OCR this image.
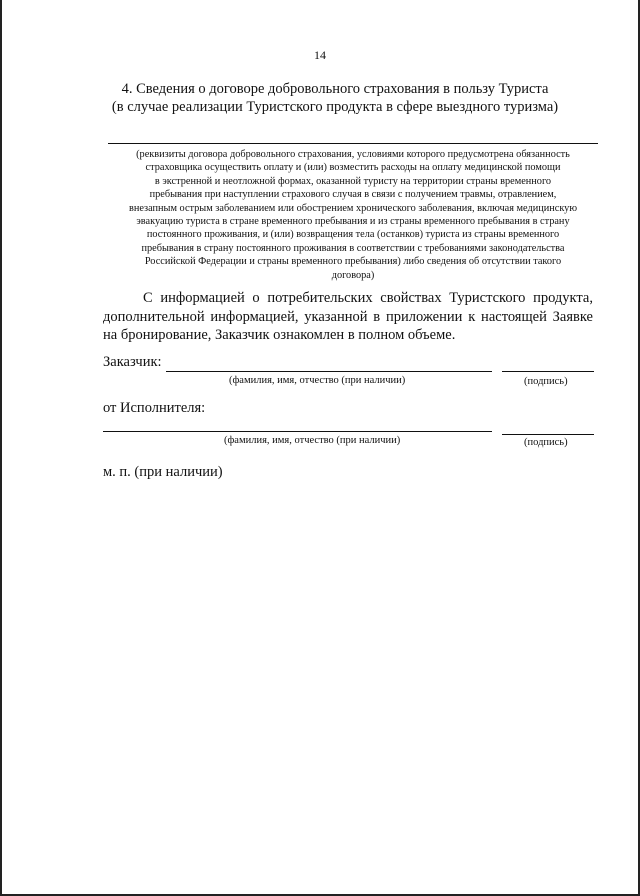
14
4. Сведения о договоре добровольного страхования в пользу Туриста
(в случае реализации Туристского продукта в сфере выездного туризма)
(реквизиты договора добровольного страхования, условиями которого предусмотрена обязанность
страховщика осуществить оплату и (или) возместить расходы на оплату медицинской помощи
в экстренной и неотложной формах, оказанной туристу на территории страны временного
пребывания при наступлении страхового случая в связи с получением травмы, отравлением,
внезапным острым заболеванием или обострением хронического заболевания, включая медицинскую
эвакуацию туриста в стране временного пребывания и из страны временного пребывания в страну
постоянного проживания, и (или) возвращения тела (останков) туриста из страны временного
пребывания в страну постоянного проживания в соответствии с требованиями законодательства
Российской Федерации и страны временного пребывания) либо сведения об отсутствии такого
договора)
С информацией о потребительских свойствах Туристского продукта, дополнительной информацией, указанной в приложении к настоящей Заявке на бронирование, Заказчик ознакомлен в полном объеме.
Заказчик:
(фамилия, имя, отчество (при наличии)	(подпись)
от Исполнителя:
(фамилия, имя, отчество (при наличии)	(подпись)
м. п. (при наличии)
